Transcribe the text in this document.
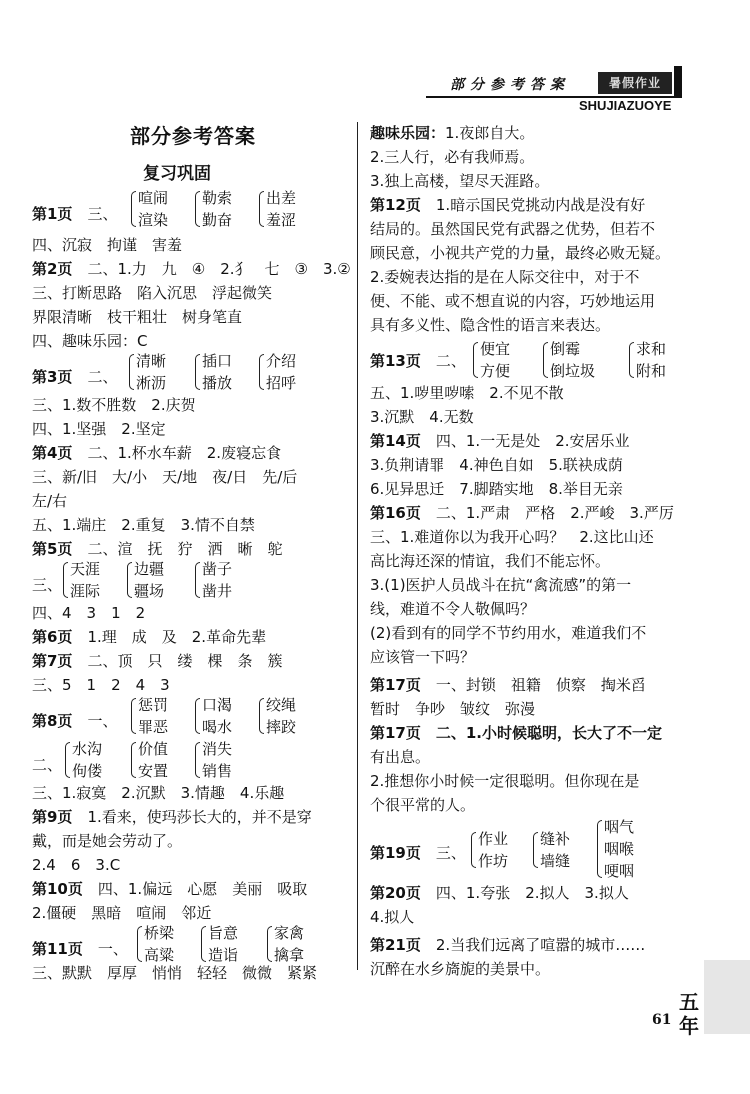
部分参考答案	暑假作业
SHUJIAZUOYE
部分参考答案
复习巩固
第1页　 三、
喧闹
渲染
勒索
勤奋
出差
羞涩
四、沉寂　拘谨　害羞
第2页　 二、1.力　九　④　2.犭　七　③　3.②
三、打断思路　陷入沉思　浮起微笑
界限清晰　枝干粗壮　树身笔直
四、趣味乐园：C
第3页　 二、
清晰
淅沥
插口
播放
介绍
招呼
三、1.数不胜数　2.庆贺
四、1.坚强　2.坚定
第4页　 二、1.杯水车薪　2.废寝忘食
三、新/旧　大/小　天/地　夜/日　先/后
左/右
五、1.端庄　2.重复　3.情不自禁
第5页　 二、渲　抚　狞　洒　晰　鸵
三、
天涯
涯际
边疆
疆场
凿子
凿井
四、4　3　1　2
第6页　 1.理　成　及　2.革命先辈
第7页　 二、顶　只　缕　棵　条　簇
三、5　1　2　4　3
第8页　 一、
惩罚
罪恶
口渴
喝水
绞绳
摔跤
二、
水沟
佝偻
价值
安置
消失
销售
三、1.寂寞　2.沉默　3.情趣　4.乐趣
第9页　 1.看来，使玛莎长大的，并不是穿
戴，而是她会劳动了。
2.4　6　3.C
第10页　 四、1.偏远　心愿　美丽　吸取
2.僵硬　黑暗　喧闹　邻近
第11页　 一、
桥梁
高粱
旨意
造诣
家禽
擒拿
三、默默　厚厚　悄悄　轻轻　微微　紧紧
趣味乐园：1.夜郎自大。
2.三人行，必有我师焉。
3.独上高楼，望尽天涯路。
第12页　 1.暗示国民党挑动内战是没有好
结局的。虽然国民党有武器之优势，但若不
顾民意，小视共产党的力量，最终必败无疑。
2.委婉表达指的是在人际交往中，对于不
便、不能、或不想直说的内容，巧妙地运用
具有多义性、隐含性的语言来表达。
第13页　 二、
便宜
方便
倒霉
倒垃圾
求和
附和
五、1.哕里哕嗦　2.不见不散
3.沉默　4.无数
第14页　 四、1.一无是处　2.安居乐业
3.负荆请罪　4.神色自如　5.联袂成荫
6.见异思迁　7.脚踏实地　8.举目无亲
第16页　 二、1.严肃　严格　2.严峻　3.严厉
三、1.难道你以为我开心吗？　2.这比山还
高比海还深的情谊，我们不能忘怀。
3.(1)医护人员战斗在抗“禽流感”的第一
线，难道不令人敬佩吗？
(2)看到有的同学不节约用水，难道我们不
应该管一下吗？
第17页　 一、封锁　祖籍　侦察　掏米舀
暂时　争吵　皱纹　弥漫
第17页　二、1.小时候聪明，长大了不一定
有出息。
2.推想你小时候一定很聪明。但你现在是
个很平常的人。
第19页　 三、
作业
作坊
缝补
墙缝
咽气
咽喉
哽咽
第20页　 四、1.夸张　2.拟人　3.拟人
4.拟人
第21页　 2.当我们远离了喧嚣的城市……
沉醉在水乡旖旎的美景中。
五
年
61
